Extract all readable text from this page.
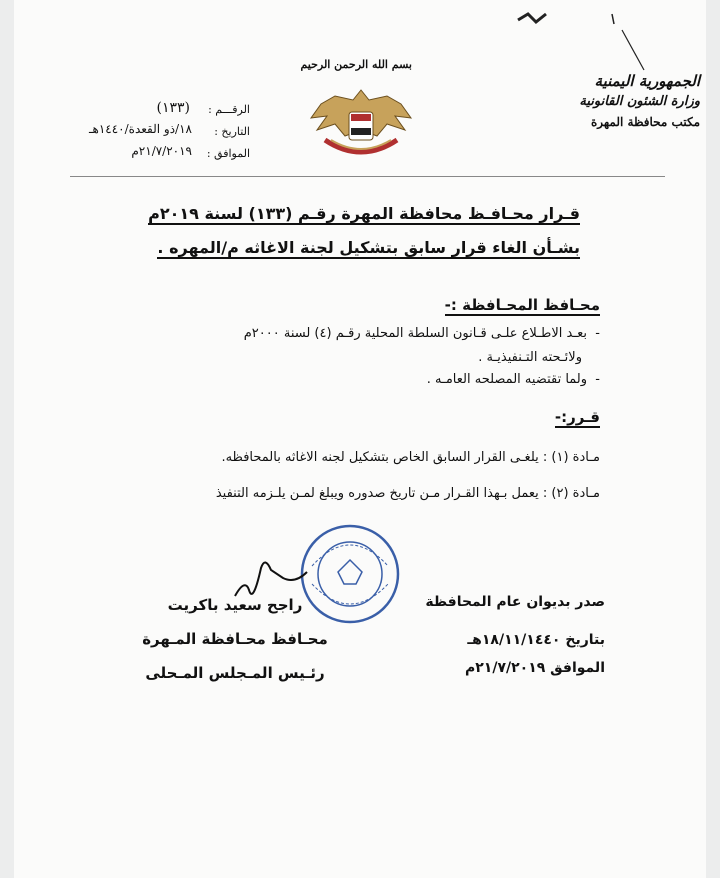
بسم الله الرحمن الرحيم
الرقـــم :
(١٣٣)
التاريخ :
١٨/ذو القعدة/١٤٤٠هـ
الموافق :
٢١/٧/٢٠١٩م
الجمهورية اليمنية
وزارة الشئون القانونية
مكتب محافظة المهرة
قـرار محـافـظ محافظة المهرة رقـم (١٣٣) لسنة ٢٠١٩م
بشـأن الغاء قرار سابق بتشكيل لجنة الاغاثه م/المهره .
محـافظ المحـافظة :-
-  بعـد الاطـلاع علـى قـانون السلطة المحلية رقـم (٤) لسنة ٢٠٠٠م
ولائـحته التـنفيذيـة .
-  ولما تقتضيه المصلحه العامـه .
قـرر:-
مـادة (١) : يلغـى القرار السابق الخاص بتشكيل لجنه الاغاثه بالمحافظه.
مـادة (٢) : يعمل بـهذا القـرار مـن تاريخ صدوره ويبلغ لمـن يلـزمه التنفيذ
صدر بديوان عام المحافظة
بتاريخ ١٨/١١/١٤٤٠هـ
الموافق ٢١/٧/٢٠١٩م
راجح سعيد باكريت
محـافظ محـافظة المـهرة
رئـيس المـجلس المـحلى
